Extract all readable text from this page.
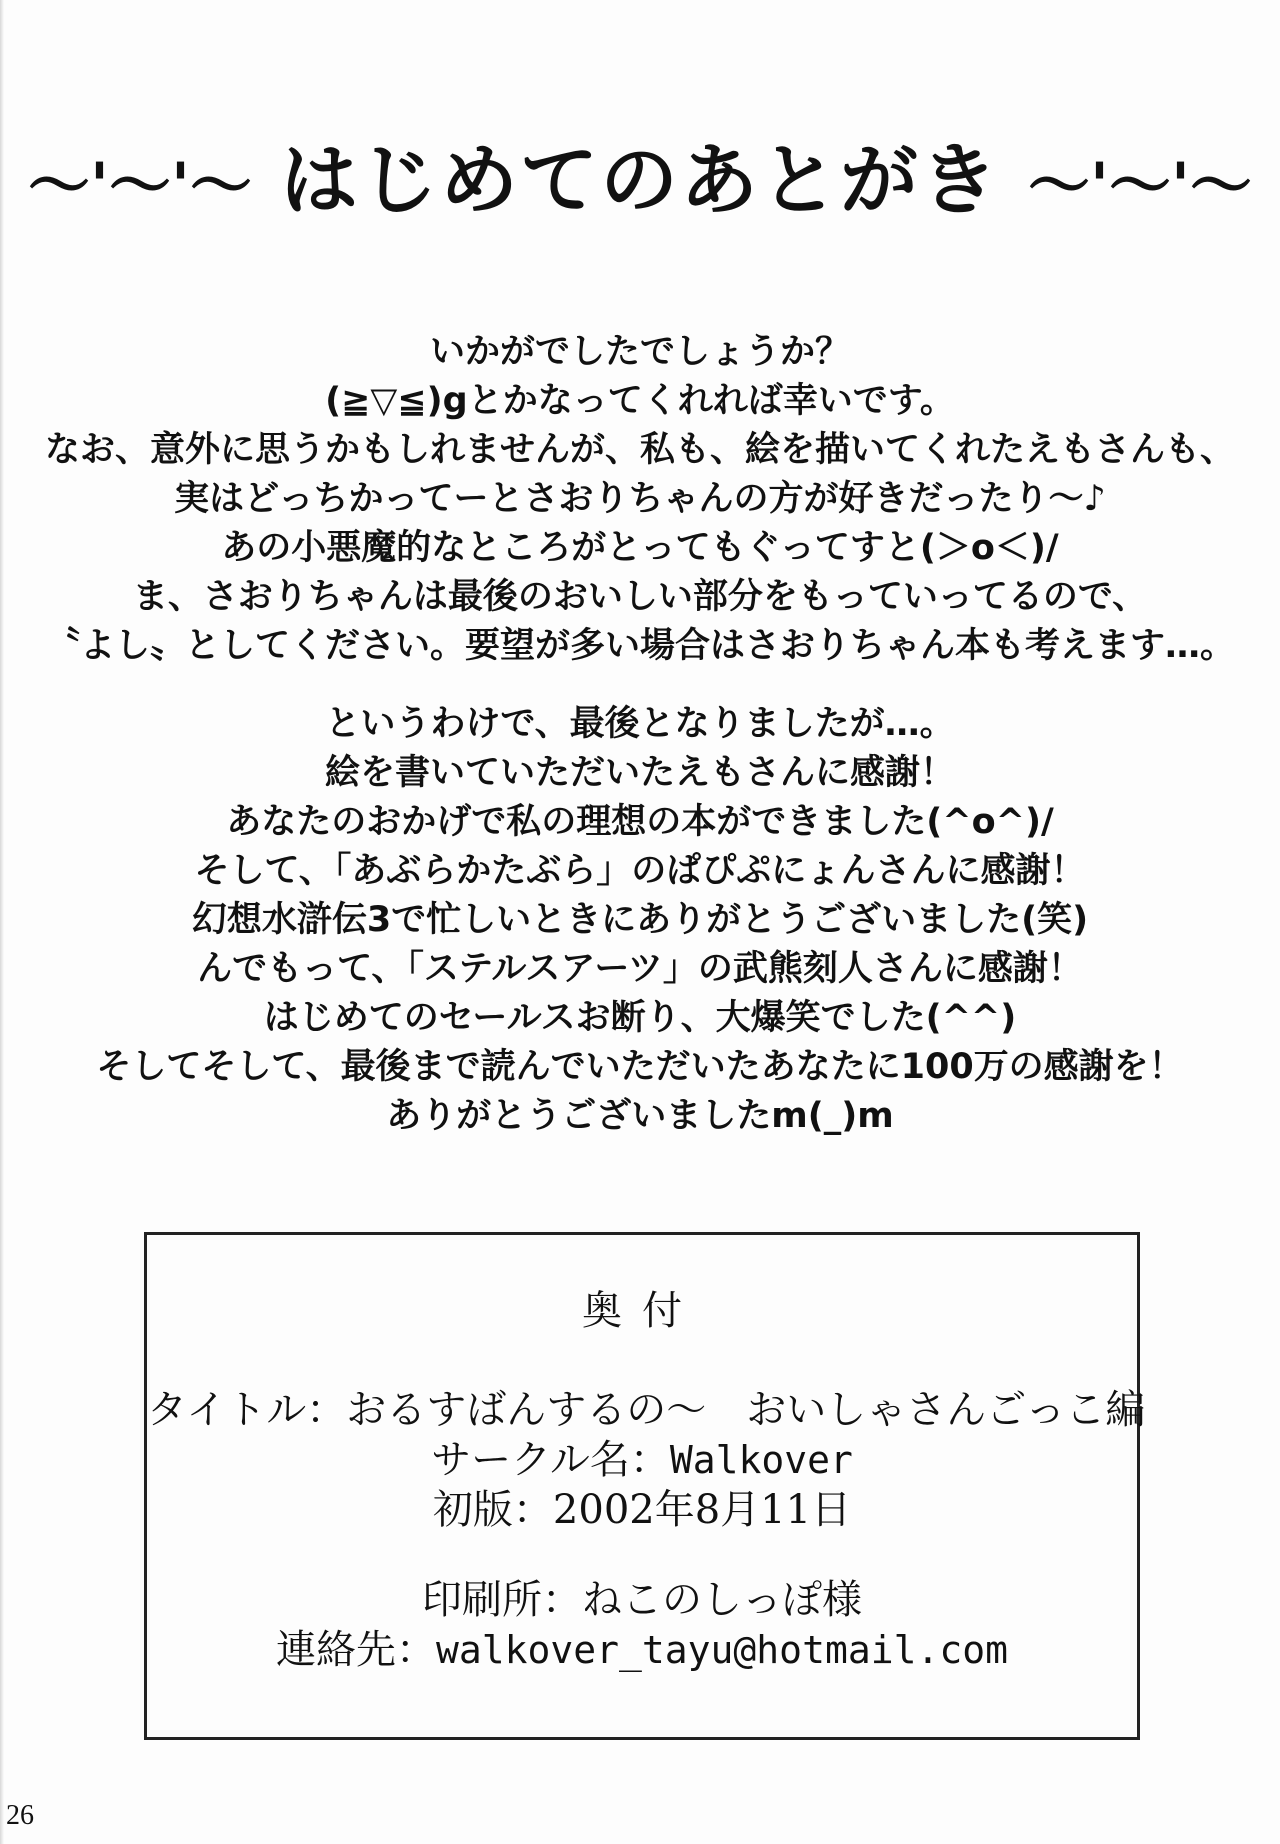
〜'〜'〜 はじめてのあとがき 〜'〜'〜

いかがでしたでしょうか？

(≧▽≦)gとかなってくれれば幸いです。

なお、意外に思うかもしれませんが、私も、絵を描いてくれたえもさんも、

実はどっちかってーとさおりちゃんの方が好きだったり〜♪

あの小悪魔的なところがとってもぐってすと(＞o＜)/

ま、さおりちゃんは最後のおいしい部分をもっていってるので、

〝よし〟としてください。要望が多い場合はさおりちゃん本も考えます…。

というわけで、最後となりましたが…。

絵を書いていただいたえもさんに感謝！

あなたのおかげで私の理想の本ができました(^o^)/

そして、「あぶらかたぶら」のぱぴぷにょんさんに感謝！

幻想水滸伝3で忙しいときにありがとうございました(笑)

んでもって、「ステルスアーツ」の武熊刻人さんに感謝！

はじめてのセールスお断り、大爆笑でした(^^)

そしてそして、最後まで読んでいただいたあなたに100万の感謝を！

ありがとうございましたm(_)m

奥付

タイトル：おるすばんするの〜　おいしゃさんごっこ編

サークル名：Walkover

初版：2002年8月11日

印刷所：ねこのしっぽ様

連絡先：walkover_tayu@hotmail.com

26
